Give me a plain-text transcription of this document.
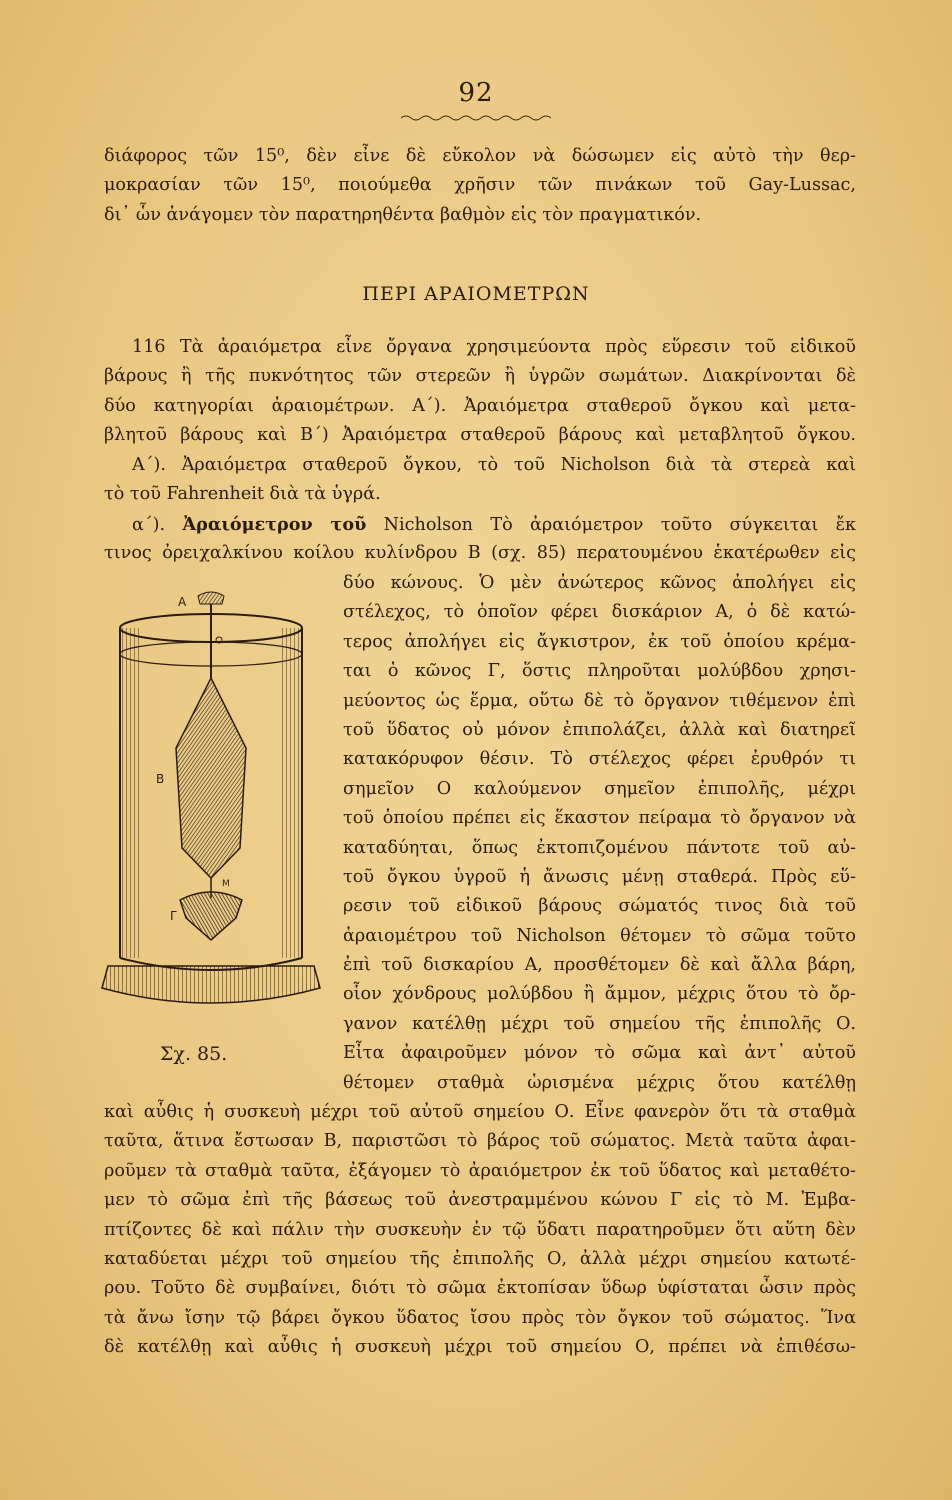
92
διάφορος τῶν 15⁰, δὲν εἶνε δὲ εὔκολον νὰ δώσωμεν εἰς αὐτὸ τὴν θερ-
μοκρασίαν τῶν 15⁰, ποιούμεθα χρῆσιν τῶν πινάκων τοῦ Gay-Lussac,
δι᾿ ὧν ἀνάγομεν τὸν παρατηρηθέντα βαθμὸν εἰς τὸν πραγματικόν.
ΠΕΡΙ ΑΡΑΙΟΜΕΤΡΩΝ
116 Τὰ ἀραιόμετρα εἶνε ὄργανα χρησιμεύοντα πρὸς εὕρεσιν τοῦ εἰδικοῦ
βάρους ἢ τῆς πυκνότητος τῶν στερεῶν ἢ ὑγρῶν σωμάτων. Διακρίνονται δὲ
δύο κατηγορίαι ἀραιομέτρων. Α΄). Ἀραιόμετρα σταθεροῦ ὄγκου καὶ μετα-
βλητοῦ βάρους καὶ Β΄) Ἀραιόμετρα σταθεροῦ βάρους καὶ μεταβλητοῦ ὄγκου.
Α΄). Ἀραιόμετρα σταθεροῦ ὄγκου, τὸ τοῦ Nicholson διὰ τὰ στερεὰ καὶ
τὸ τοῦ Fahrenheit διὰ τὰ ὑγρά.
α΄). Ἀραιόμετρον τοῦ Nicholson Τὸ ἀραιόμετρον τοῦτο σύγκειται ἔκ
τινος ὀρειχαλκίνου κοίλου κυλίνδρου Β (σχ. 85) περατουμένου ἑκατέρωθεν εἰς
Α
Β
Μ
Γ
Σχ. 85.
δύο κώνους. Ὁ μὲν ἀνώτερος κῶνος ἀπολήγει εἰς
στέλεχος, τὸ ὁποῖον φέρει δισκάριον Α, ὁ δὲ κατώ-
τερος ἀπολήγει εἰς ἄγκιστρον, ἐκ τοῦ ὁποίου κρέμα-
ται ὁ κῶνος Γ, ὅστις πληροῦται μολύβδου χρησι-
μεύοντος ὡς ἕρμα, οὕτω δὲ τὸ ὄργανον τιθέμενον ἐπὶ
τοῦ ὕδατος οὐ μόνον ἐπιπολάζει, ἀλλὰ καὶ διατηρεῖ
κατακόρυφον θέσιν. Τὸ στέλεχος φέρει ἐρυθρόν τι
σημεῖον Ο καλούμενον σημεῖον ἐπιπολῆς, μέχρι
τοῦ ὁποίου πρέπει εἰς ἕκαστον πείραμα τὸ ὄργανον νὰ
καταδύηται, ὅπως ἐκτοπιζομένου πάντοτε τοῦ αὐ-
τοῦ ὄγκου ὑγροῦ ἡ ἄνωσις μένῃ σταθερά. Πρὸς εὕ-
ρεσιν τοῦ εἰδικοῦ βάρους σώματός τινος διὰ τοῦ
ἀραιομέτρου τοῦ Nicholson θέτομεν τὸ σῶμα τοῦτο
ἐπὶ τοῦ δισκαρίου Α, προσθέτομεν δὲ καὶ ἄλλα βάρη,
οἷον χόνδρους μολύβδου ἢ ἄμμον, μέχρις ὅτου τὸ ὄρ-
γανον κατέλθῃ μέχρι τοῦ σημείου τῆς ἐπιπολῆς Ο.
Εἶτα ἀφαιροῦμεν μόνον τὸ σῶμα καὶ ἀντ᾿ αὐτοῦ
θέτομεν σταθμὰ ὡρισμένα μέχρις ὅτου κατέλθῃ
καὶ αὖθις ἡ συσκευὴ μέχρι τοῦ αὐτοῦ σημείου Ο. Εἶνε φανερὸν ὅτι τὰ σταθμὰ
ταῦτα, ἅτινα ἔστωσαν Β, παριστῶσι τὸ βάρος τοῦ σώματος. Μετὰ ταῦτα ἀφαι-
ροῦμεν τὰ σταθμὰ ταῦτα, ἐξάγομεν τὸ ἀραιόμετρον ἐκ τοῦ ὕδατος καὶ μεταθέτο-
μεν τὸ σῶμα ἐπὶ τῆς βάσεως τοῦ ἀνεστραμμένου κώνου Γ εἰς τὸ Μ. Ἐμβα-
πτίζοντες δὲ καὶ πάλιν τὴν συσκευὴν ἐν τῷ ὕδατι παρατηροῦμεν ὅτι αὕτη δὲν
καταδύεται μέχρι τοῦ σημείου τῆς ἐπιπολῆς Ο, ἀλλὰ μέχρι σημείου κατωτέ-
ρου. Τοῦτο δὲ συμβαίνει, διότι τὸ σῶμα ἐκτοπίσαν ὕδωρ ὑφίσταται ὦσιν πρὸς
τὰ ἄνω ἴσην τῷ βάρει ὄγκου ὕδατος ἴσου πρὸς τὸν ὄγκον τοῦ σώματος. Ἵνα
δὲ κατέλθῃ καὶ αὖθις ἡ συσκευὴ μέχρι τοῦ σημείου Ο, πρέπει νὰ ἐπιθέσω-
